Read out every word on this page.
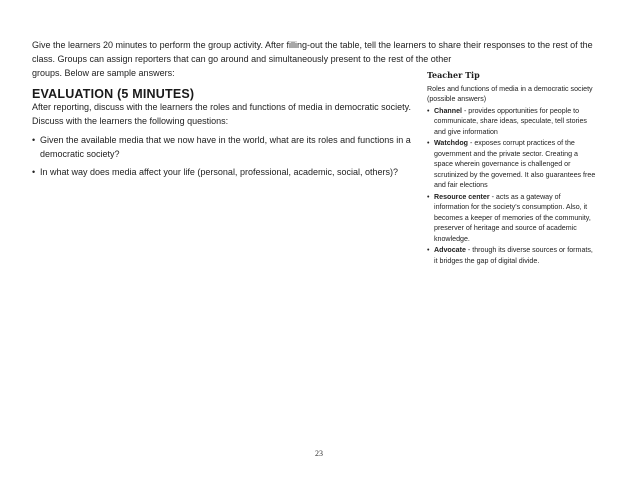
Give the learners 20 minutes to perform the group activity. After filling-out the table, tell the learners to share their responses to the rest of the

class. Groups can assign reporters that can go around and simultaneously present to the rest of the other

groups. Below are sample answers:

EVALUATION (5 MINUTES)

After reporting, discuss with the learners the roles and functions of media in democratic society.

Discuss with the learners the following questions:

• Given the available media that we now have in the world, what are its roles and functions in a democratic society?
• In what way does media affect your life (personal, professional, academic, social, others)?
Teacher Tip
Roles and functions of media in a democratic society (possible answers)
• Channel - provides opportunities for people to communicate, share ideas, speculate, tell stories and give information
• Watchdog - exposes corrupt practices of the government and the private sector. Creating a space wherein governance is challenged or scrutinized by the governed. It also guarantees free and fair elections
• Resource center - acts as a gateway of information for the society's consumption. Also, it becomes a keeper of memories of the community, preserver of heritage and source of academic knowledge.
• Advocate - through its diverse sources or formats, it bridges the gap of digital divide.
23
